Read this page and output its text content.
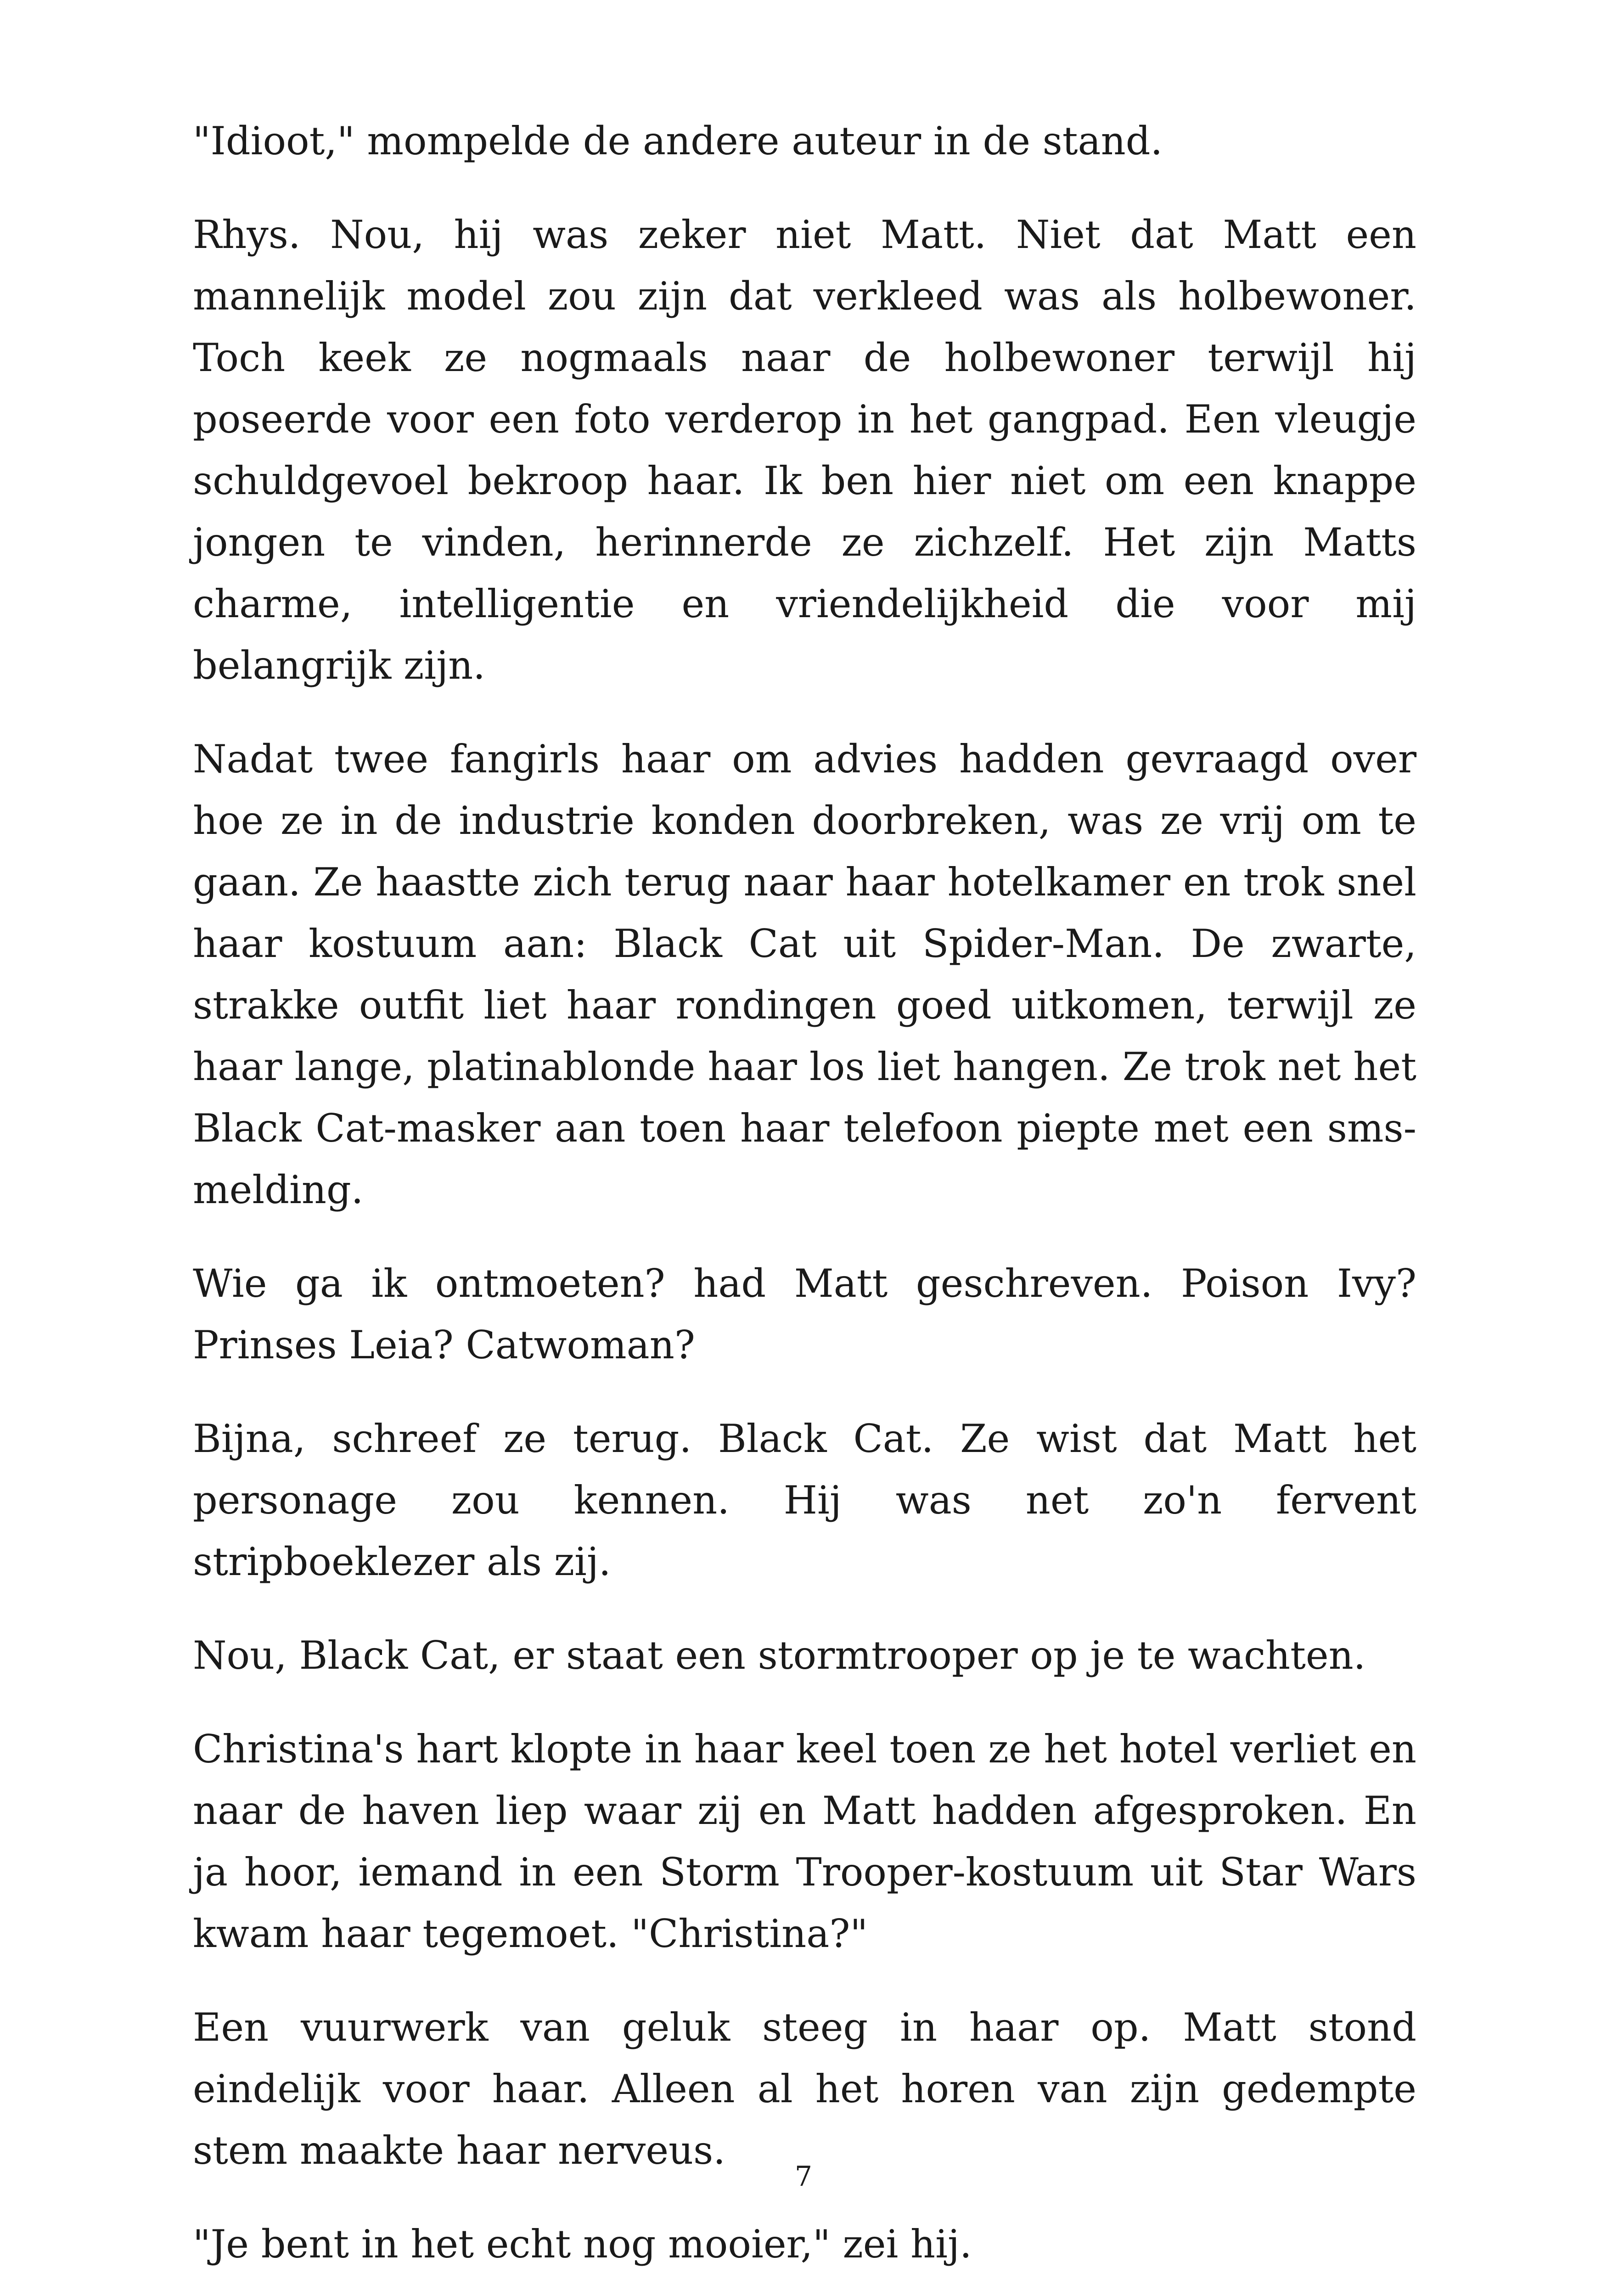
"Idioot," mompelde de andere auteur in de stand.

Rhys. Nou, hij was zeker niet Matt. Niet dat Matt een mannelijk model zou zijn dat verkleed was als holbewoner. Toch keek ze nogmaals naar de holbewoner terwijl hij poseerde voor een foto verderop in het gangpad. Een vleugje schuldgevoel bekroop haar. Ik ben hier niet om een knappe jongen te vinden, herinnerde ze zichzelf. Het zijn Matts charme, intelligentie en vriendelijkheid die voor mij belangrijk zijn.

Nadat twee fangirls haar om advies hadden gevraagd over hoe ze in de industrie konden doorbreken, was ze vrij om te gaan. Ze haastte zich terug naar haar hotelkamer en trok snel haar kostuum aan: Black Cat uit Spider-Man. De zwarte, strakke outfit liet haar rondingen goed uitkomen, terwijl ze haar lange, platinablonde haar los liet hangen. Ze trok net het Black Cat-masker aan toen haar telefoon piepte met een sms-melding.

Wie ga ik ontmoeten? had Matt geschreven. Poison Ivy? Prinses Leia? Catwoman?

Bijna, schreef ze terug. Black Cat. Ze wist dat Matt het personage zou kennen. Hij was net zo'n fervent stripboeklezer als zij.

Nou, Black Cat, er staat een stormtrooper op je te wachten.

Christina's hart klopte in haar keel toen ze het hotel verliet en naar de haven liep waar zij en Matt hadden afgesproken. En ja hoor, iemand in een Storm Trooper-kostuum uit Star Wars kwam haar tegemoet. "Christina?"

Een vuurwerk van geluk steeg in haar op. Matt stond eindelijk voor haar. Alleen al het horen van zijn gedempte stem maakte haar nerveus.

"Je bent in het echt nog mooier," zei hij.

7
